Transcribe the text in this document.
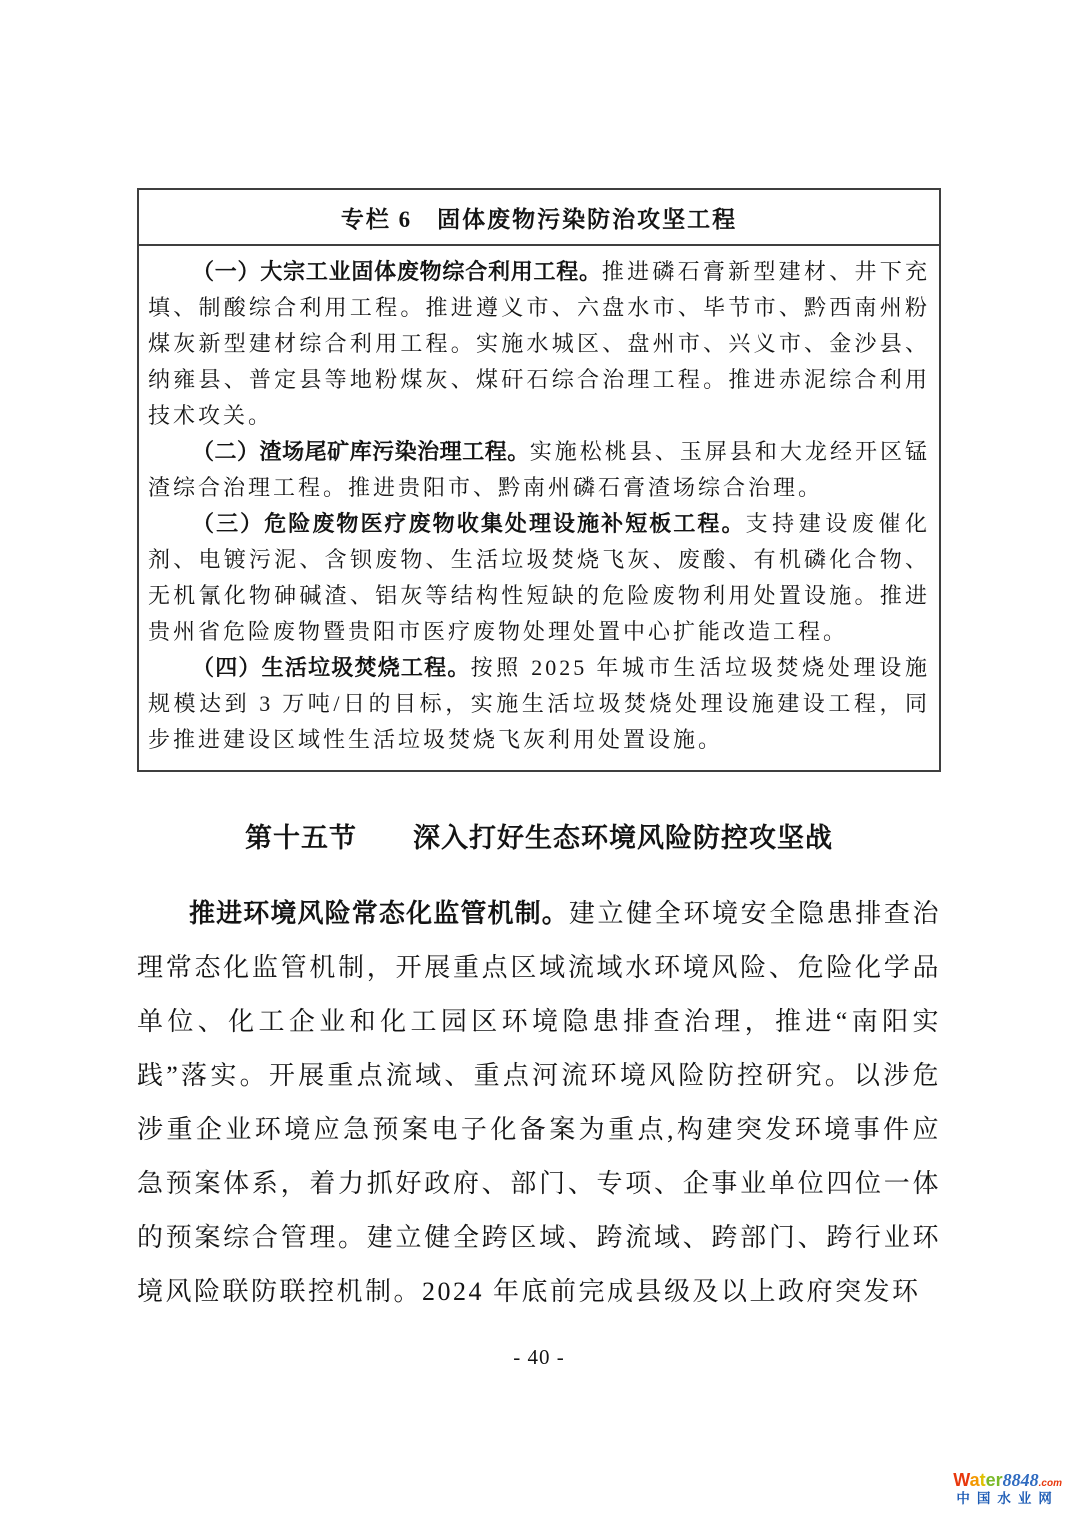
专栏 6　固体废物污染防治攻坚工程

（一）大宗工业固体废物综合利用工程。推进磷石膏新型建材、井下充填、制酸综合利用工程。推进遵义市、六盘水市、毕节市、黔西南州粉煤灰新型建材综合利用工程。实施水城区、盘州市、兴义市、金沙县、纳雍县、普定县等地粉煤灰、煤矸石综合治理工程。推进赤泥综合利用技术攻关。

（二）渣场尾矿库污染治理工程。实施松桃县、玉屏县和大龙经开区锰渣综合治理工程。推进贵阳市、黔南州磷石膏渣场综合治理。

（三）危险废物医疗废物收集处理设施补短板工程。支持建设废催化剂、电镀污泥、含钡废物、生活垃圾焚烧飞灰、废酸、有机磷化合物、无机氰化物砷碱渣、铝灰等结构性短缺的危险废物利用处置设施。推进贵州省危险废物暨贵阳市医疗废物处理处置中心扩能改造工程。

（四）生活垃圾焚烧工程。按照 2025 年城市生活垃圾焚烧处理设施规模达到 3 万吨/日的目标，实施生活垃圾焚烧处理设施建设工程，同步推进建设区域性生活垃圾焚烧飞灰利用处置设施。

第十五节　　深入打好生态环境风险防控攻坚战

推进环境风险常态化监管机制。建立健全环境安全隐患排查治理常态化监管机制，开展重点区域流域水环境风险、危险化学品单位、化工企业和化工园区环境隐患排查治理，推进“南阳实践”落实。开展重点流域、重点河流环境风险防控研究。以涉危涉重企业环境应急预案电子化备案为重点,构建突发环境事件应急预案体系，着力抓好政府、部门、专项、企事业单位四位一体的预案综合管理。建立健全跨区域、跨流域、跨部门、跨行业环境风险联防联控机制。2024 年底前完成县级及以上政府突发环

- 40 -
Water8848.com
中国水业网
